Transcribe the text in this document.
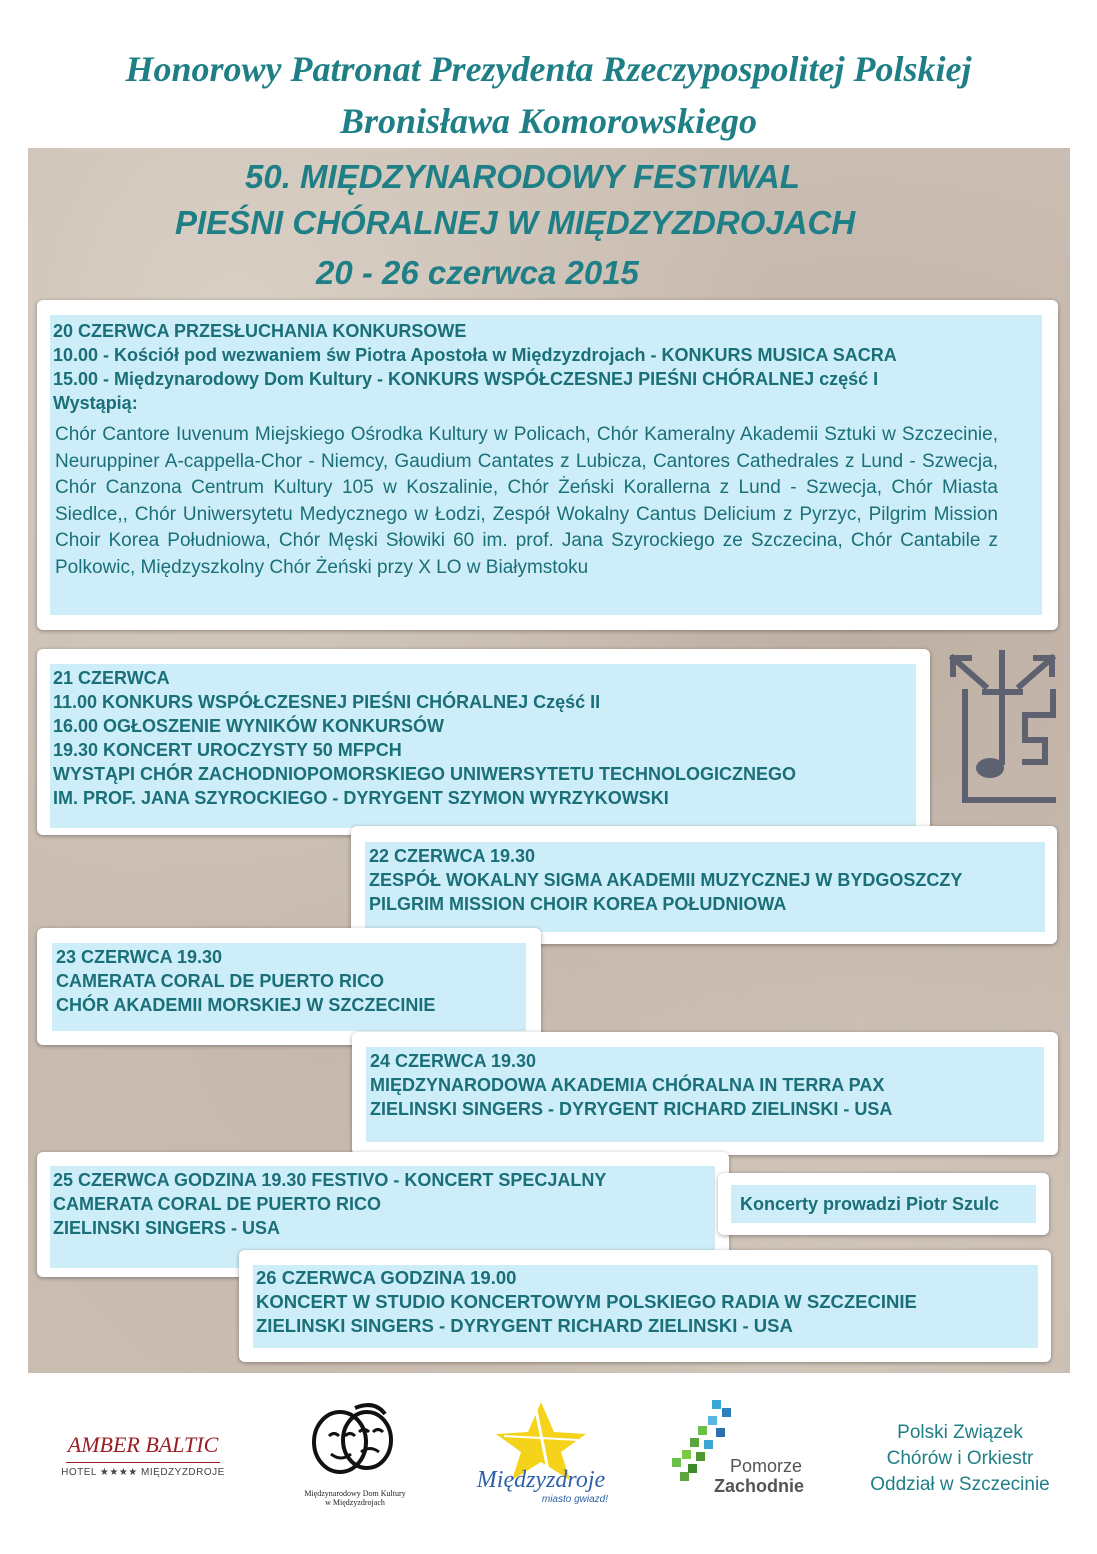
Honorowy Patronat Prezydenta Rzeczypospolitej Polskiej
Bronisława Komorowskiego
50. MIĘDZYNARODOWY FESTIWAL
PIEŚNI CHÓRALNEJ W MIĘDZYZDROJACH
20 - 26 czerwca 2015
20 CZERWCA PRZESŁUCHANIA KONKURSOWE
10.00 - Kościół pod wezwaniem św Piotra Apostoła w Międzyzdrojach - KONKURS MUSICA SACRA
15.00 - Międzynarodowy Dom Kultury - KONKURS WSPÓŁCZESNEJ PIEŚNI CHÓRALNEJ część I
Wystąpią:
Chór Cantore Iuvenum Miejskiego Ośrodka Kultury w Policach, Chór Kameralny Akademii Sztuki w Szczecinie, Neuruppiner A-cappella-Chor - Niemcy, Gaudium Cantates z Lubicza, Cantores Cathedrales z Lund - Szwecja, Chór Canzona Centrum Kultury 105 w Koszalinie, Chór Żeński Korallerna z Lund - Szwecja, Chór Miasta Siedlce,, Chór Uniwersytetu Medycznego w Łodzi, Zespół Wokalny Cantus Delicium z Pyrzyc, Pilgrim Mission Choir Korea Południowa, Chór Męski Słowiki 60 im. prof. Jana Szyrockiego ze Szczecina, Chór Cantabile z Polkowic, Międzyszkolny Chór Żeński przy X LO w Białymstoku
21 CZERWCA
11.00 KONKURS WSPÓŁCZESNEJ PIEŚNI CHÓRALNEJ Część II
16.00 OGŁOSZENIE WYNIKÓW KONKURSÓW
19.30 KONCERT UROCZYSTY 50 MFPCH
WYSTĄPI CHÓR ZACHODNIOPOMORSKIEGO UNIWERSYTETU TECHNOLOGICZNEGO
IM. PROF. JANA SZYROCKIEGO - DYRYGENT SZYMON WYRZYKOWSKI
22 CZERWCA 19.30
ZESPÓŁ WOKALNY SIGMA AKADEMII MUZYCZNEJ W BYDGOSZCZY
PILGRIM MISSION CHOIR KOREA POŁUDNIOWA
23 CZERWCA 19.30
CAMERATA CORAL DE PUERTO RICO
CHÓR AKADEMII MORSKIEJ W SZCZECINIE
24 CZERWCA 19.30
MIĘDZYNARODOWA AKADEMIA CHÓRALNA IN TERRA PAX
ZIELINSKI SINGERS - DYRYGENT RICHARD ZIELINSKI - USA
25 CZERWCA GODZINA 19.30 FESTIVO - KONCERT SPECJALNY
CAMERATA CORAL DE PUERTO RICO
ZIELINSKI SINGERS - USA
Koncerty prowadzi Piotr Szulc
26 CZERWCA GODZINA 19.00
KONCERT W STUDIO KONCERTOWYM POLSKIEGO RADIA W SZCZECINIE
ZIELINSKI SINGERS - DYRYGENT RICHARD ZIELINSKI - USA
AMBER BALTIC
HOTEL ★★★★ MIĘDZYZDROJE
Międzynarodowy Dom Kultury
w Międzyzdrojach
Międzyzdroje
miasto gwiazd!
Pomorze
Zachodnie
Polski Związek
Chórów i Orkiestr
Oddział w Szczecinie
